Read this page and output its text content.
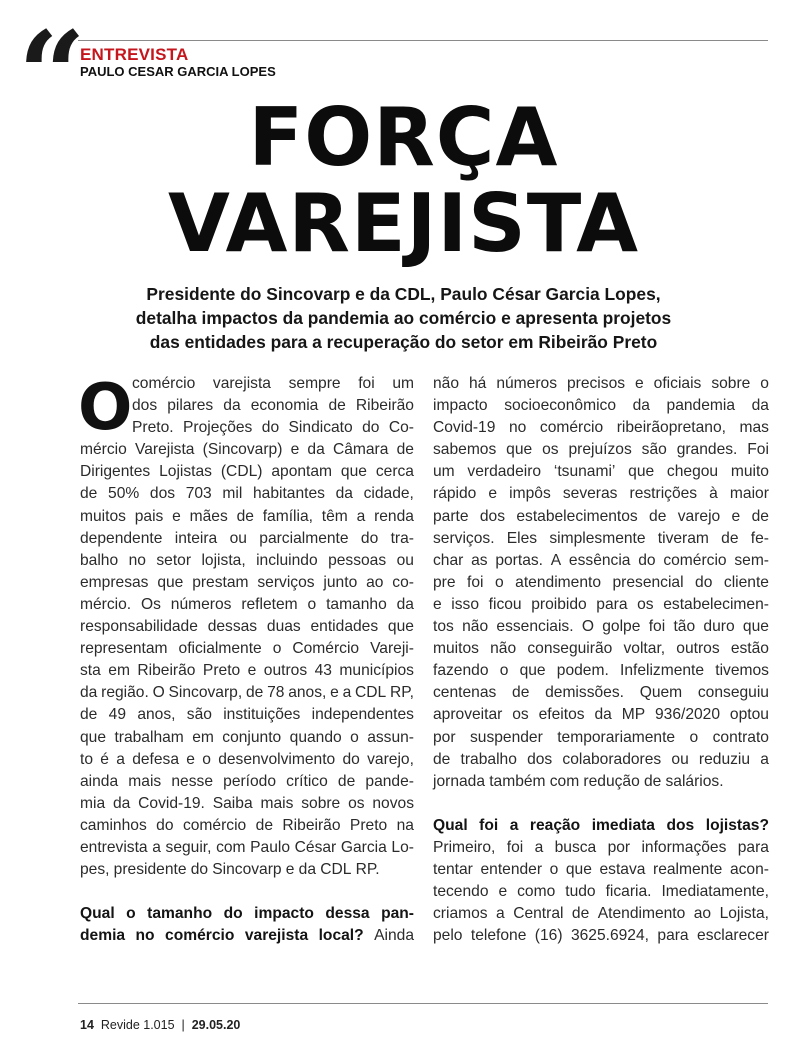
“ ENTREVISTA
PAULO CESAR GARCIA LOPES
FORÇA
VAREJISTA
Presidente do Sincovarp e da CDL, Paulo César Garcia Lopes,
detalha impactos da pandemia ao comércio e apresenta projetos
das entidades para a recuperação do setor em Ribeirão Preto
O comércio varejista sempre foi um
dos pilares da economia de Ribeirão
Preto. Projeções do Sindicato do Co-
mércio Varejista (Sincovarp) e da Câmara de
Dirigentes Lojistas (CDL) apontam que cerca
de 50% dos 703 mil habitantes da cidade,
muitos pais e mães de família, têm a renda
dependente inteira ou parcialmente do tra-
balho no setor lojista, incluindo pessoas ou
empresas que prestam serviços junto ao co-
mércio. Os números refletem o tamanho da
responsabilidade dessas duas entidades que
representam oficialmente o Comércio Vareji-
sta em Ribeirão Preto e outros 43 municípios
da região. O Sincovarp, de 78 anos, e a CDL RP,
de 49 anos, são instituições independentes
que trabalham em conjunto quando o assun-
to é a defesa e o desenvolvimento do varejo,
ainda mais nesse período crítico de pande-
mia da Covid-19. Saiba mais sobre os novos
caminhos do comércio de Ribeirão Preto na
entrevista a seguir, com Paulo César Garcia Lo-
pes, presidente do Sincovarp e da CDL RP.
Qual o tamanho do impacto dessa pan-
demia no comércio varejista local? Ainda
não há números precisos e oficiais sobre o
impacto socioeconômico da pandemia da
Covid-19 no comércio ribeirãopretano, mas
sabemos que os prejuízos são grandes. Foi
um verdadeiro ‘tsunami’ que chegou muito
rápido e impôs severas restrições à maior
parte dos estabelecimentos de varejo e de
serviços. Eles simplesmente tiveram de fe-
char as portas. A essência do comércio sem-
pre foi o atendimento presencial do cliente
e isso ficou proibido para os estabelecimen-
tos não essenciais. O golpe foi tão duro que
muitos não conseguirão voltar, outros estão
fazendo o que podem. Infelizmente tivemos
centenas de demissões. Quem conseguiu
aproveitar os efeitos da MP 936/2020 optou
por suspender temporariamente o contrato
de trabalho dos colaboradores ou reduziu a
jornada também com redução de salários.
Qual foi a reação imediata dos lojistas?
Primeiro, foi a busca por informações para
tentar entender o que estava realmente acon-
tecendo e como tudo ficaria. Imediatamente,
criamos a Central de Atendimento ao Lojista,
pelo telefone (16) 3625.6924, para esclarecer
14 Revide 1.015 | 29.05.20
